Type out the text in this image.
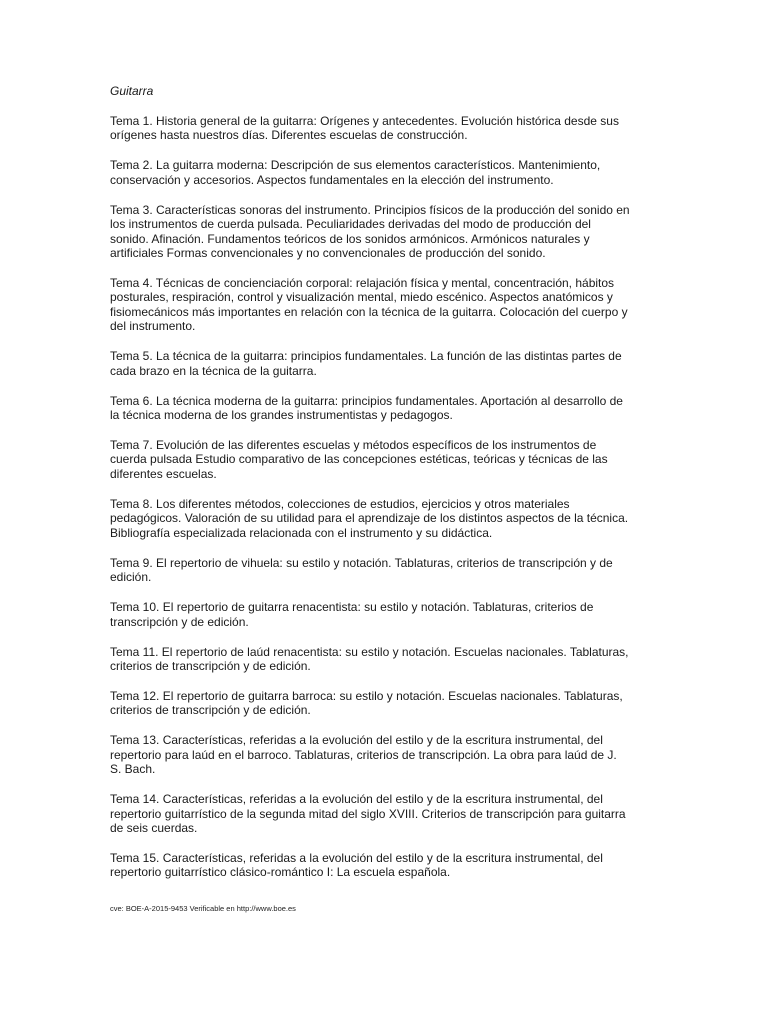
Guitarra

Tema 1. Historia general de la guitarra: Orígenes y antecedentes. Evolución histórica desde sus orígenes hasta nuestros días. Diferentes escuelas de construcción.

Tema 2. La guitarra moderna: Descripción de sus elementos característicos. Mantenimiento, conservación y accesorios. Aspectos fundamentales en la elección del instrumento.

Tema 3. Características sonoras del instrumento. Principios físicos de la producción del sonido en los instrumentos de cuerda pulsada. Peculiaridades derivadas del modo de producción del sonido. Afinación. Fundamentos teóricos de los sonidos armónicos. Armónicos naturales y artificiales Formas convencionales y no convencionales de producción del sonido.

Tema 4. Técnicas de concienciación corporal: relajación física y mental, concentración, hábitos posturales, respiración, control y visualización mental, miedo escénico. Aspectos anatómicos y fisiomecánicos más importantes en relación con la técnica de la guitarra. Colocación del cuerpo y del instrumento.

Tema 5. La técnica de la guitarra: principios fundamentales. La función de las distintas partes de cada brazo en la técnica de la guitarra.

Tema 6. La técnica moderna de la guitarra: principios fundamentales. Aportación al desarrollo de la técnica moderna de los grandes instrumentistas y pedagogos.

Tema 7. Evolución de las diferentes escuelas y métodos específicos de los instrumentos de cuerda pulsada Estudio comparativo de las concepciones estéticas, teóricas y técnicas de las diferentes escuelas.

Tema 8. Los diferentes métodos, colecciones de estudios, ejercicios y otros materiales pedagógicos. Valoración de su utilidad para el aprendizaje de los distintos aspectos de la técnica. Bibliografía especializada relacionada con el instrumento y su didáctica.

Tema 9. El repertorio de vihuela: su estilo y notación. Tablaturas, criterios de transcripción y de edición.

Tema 10. El repertorio de guitarra renacentista: su estilo y notación. Tablaturas, criterios de transcripción y de edición.

Tema 11. El repertorio de laúd renacentista: su estilo y notación. Escuelas nacionales. Tablaturas, criterios de transcripción y de edición.

Tema 12. El repertorio de guitarra barroca: su estilo y notación. Escuelas nacionales. Tablaturas, criterios de transcripción y de edición.

Tema 13. Características, referidas a la evolución del estilo y de la escritura instrumental, del repertorio para laúd en el barroco. Tablaturas, criterios de transcripción. La obra para laúd de J. S. Bach.

Tema 14. Características, referidas a la evolución del estilo y de la escritura instrumental, del repertorio guitarrístico de la segunda mitad del siglo XVIII. Criterios de transcripción para guitarra de seis cuerdas.

Tema 15. Características, referidas a la evolución del estilo y de la escritura instrumental, del repertorio guitarrístico clásico-romántico I: La escuela española.

cve: BOE-A-2015-9453 Verificable en http://www.boe.es
